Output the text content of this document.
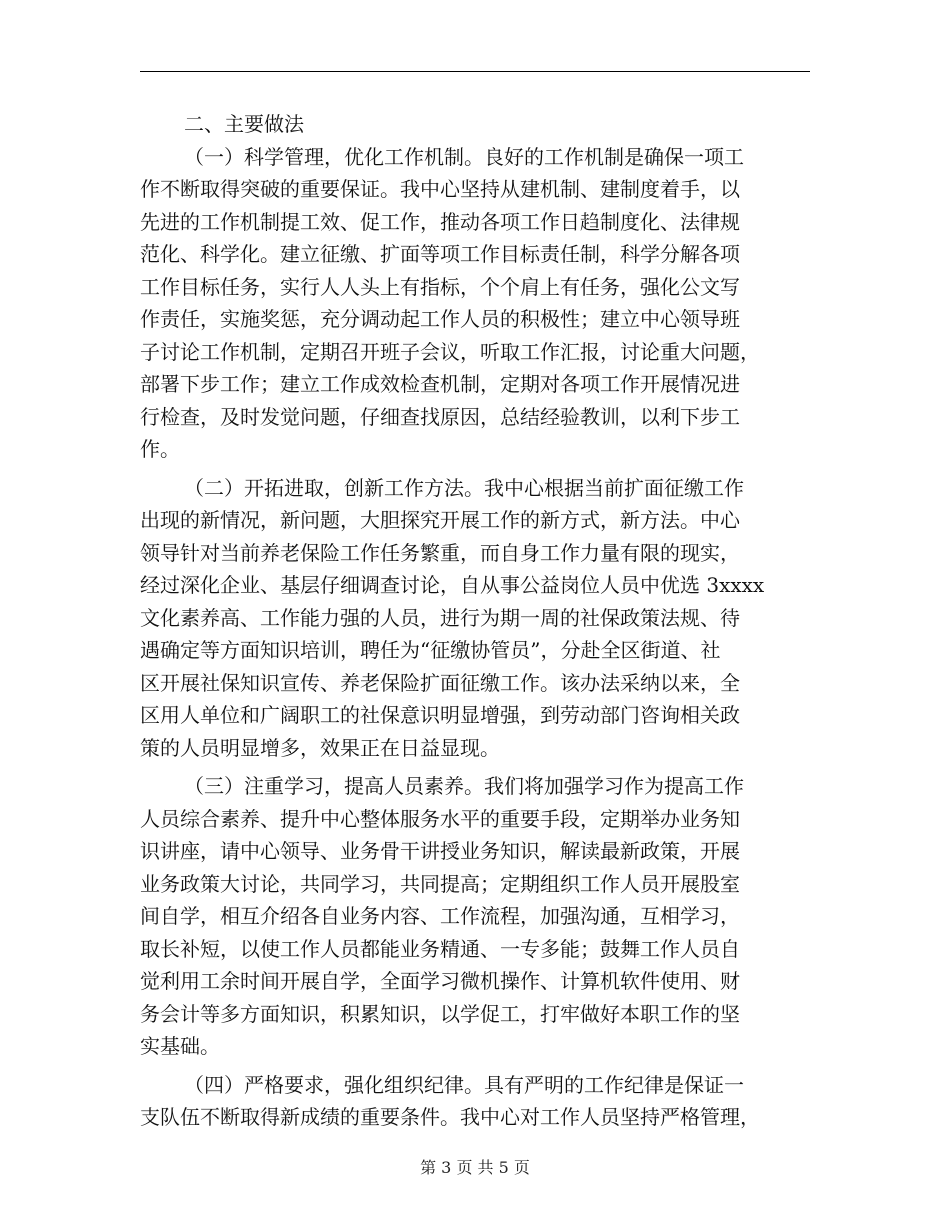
二、主要做法
（一）科学管理，优化工作机制。良好的工作机制是确保一项工
作不断取得突破的重要保证。我中心坚持从建机制、建制度着手，以
先进的工作机制提工效、促工作，推动各项工作日趋制度化、法律规
范化、科学化。建立征缴、扩面等项工作目标责任制，科学分解各项
工作目标任务，实行人人头上有指标，个个肩上有任务，强化公文写
作责任，实施奖惩，充分调动起工作人员的积极性；建立中心领导班
子讨论工作机制，定期召开班子会议，听取工作汇报，讨论重大问题，
部署下步工作；建立工作成效检查机制，定期对各项工作开展情况进
行检查，及时发觉问题，仔细查找原因，总结经验教训，以利下步工
作。
（二）开拓进取，创新工作方法。我中心根据当前扩面征缴工作
出现的新情况，新问题，大胆探究开展工作的新方式，新方法。中心
领导针对当前养老保险工作任务繁重，而自身工作力量有限的现实，
经过深化企业、基层仔细调查讨论，自从事公益岗位人员中优选 3xxxx
文化素养高、工作能力强的人员，进行为期一周的社保政策法规、待
遇确定等方面知识培训，聘任为“征缴协管员”，分赴全区街道、社
区开展社保知识宣传、养老保险扩面征缴工作。该办法采纳以来，全
区用人单位和广阔职工的社保意识明显增强，到劳动部门咨询相关政
策的人员明显增多，效果正在日益显现。
（三）注重学习，提高人员素养。我们将加强学习作为提高工作
人员综合素养、提升中心整体服务水平的重要手段，定期举办业务知
识讲座，请中心领导、业务骨干讲授业务知识，解读最新政策，开展
业务政策大讨论，共同学习，共同提高；定期组织工作人员开展股室
间自学，相互介绍各自业务内容、工作流程，加强沟通，互相学习，
取长补短，以使工作人员都能业务精通、一专多能；鼓舞工作人员自
觉利用工余时间开展自学，全面学习微机操作、计算机软件使用、财
务会计等多方面知识，积累知识，以学促工，打牢做好本职工作的坚
实基础。
（四）严格要求，强化组织纪律。具有严明的工作纪律是保证一
支队伍不断取得新成绩的重要条件。我中心对工作人员坚持严格管理，
第 3 页 共 5 页
